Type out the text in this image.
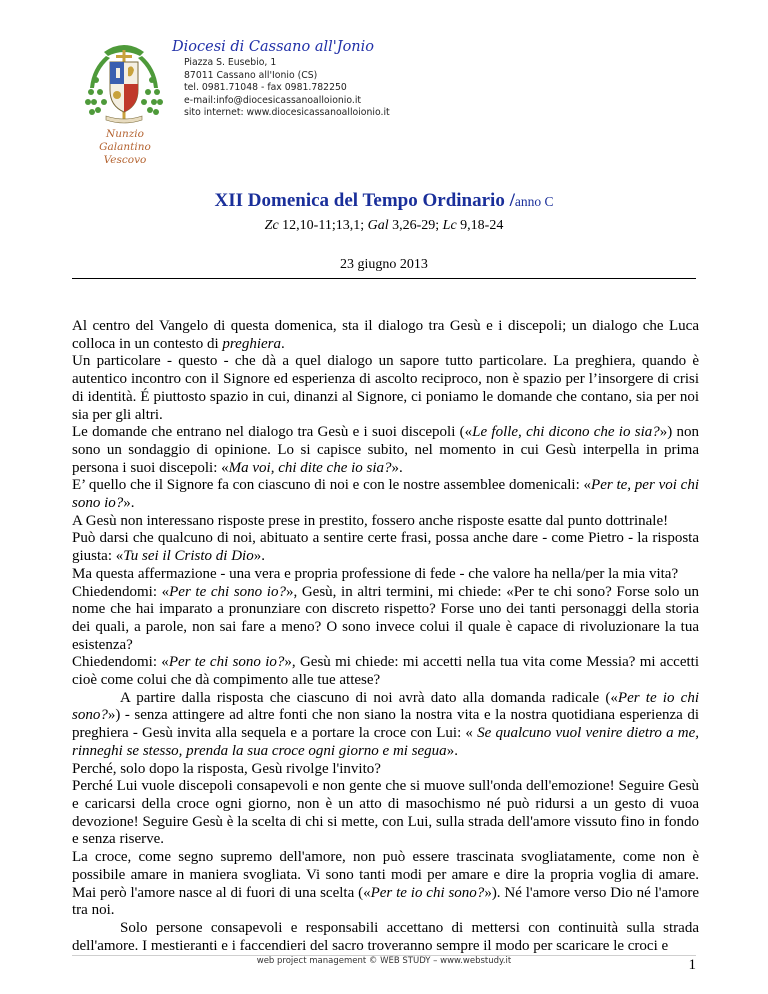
Diocesi di Cassano all'Jonio
Piazza S. Eusebio, 1
87011 Cassano all'Ionio (CS)
tel. 0981.71048 - fax 0981.782250
e-mail:info@diocesicassanoalloionio.it
sito internet: www.diocesicassanoalloionio.it
Nunzio Galantino
Vescovo
XII Domenica del Tempo Ordinario /anno C
Zc 12,10-11;13,1; Gal 3,26-29; Lc 9,18-24
23 giugno 2013

Al centro del Vangelo di questa domenica, sta il dialogo tra Gesù e i discepoli; un dialogo che Luca colloca in un contesto di preghiera.

Un particolare - questo - che dà a quel dialogo un sapore tutto particolare. La preghiera, quando è autentico incontro con il Signore ed esperienza di ascolto reciproco, non è spazio per l’insorgere di crisi di identità. É piuttosto spazio in cui, dinanzi al Signore, ci poniamo le domande che contano, sia per noi sia per gli altri.

Le domande che entrano nel dialogo tra Gesù e i suoi discepoli («Le folle, chi dicono che io sia?») non sono un sondaggio di opinione. Lo si capisce subito, nel momento in cui Gesù interpella in prima persona i suoi discepoli: «Ma voi, chi dite che io sia?».

E’ quello che il Signore fa con ciascuno di noi e con le nostre assemblee domenicali: «Per te, per voi chi sono io?».

A Gesù non interessano risposte prese in prestito, fossero anche risposte esatte dal punto dottrinale!

Può darsi che qualcuno di noi, abituato a sentire certe frasi, possa anche dare - come Pietro - la risposta giusta: «Tu sei il Cristo di Dio».

Ma questa affermazione - una vera e propria professione di fede - che valore ha nella/per la mia vita?

Chiedendomi: «Per te chi sono io?», Gesù, in altri termini, mi chiede: «Per te chi sono? Forse solo un nome che hai imparato a pronunziare con discreto rispetto? Forse uno dei tanti personaggi della storia dei quali, a parole, non sai fare a meno? O sono invece colui il quale è capace di rivoluzionare la tua esistenza?

Chiedendomi: «Per te chi sono io?», Gesù mi chiede: mi accetti nella tua vita come Messia? mi accetti cioè come colui che dà compimento alle tue attese?

A partire dalla risposta che ciascuno di noi avrà dato alla domanda radicale («Per te io chi sono?») - senza attingere ad altre fonti che non siano la nostra vita e la nostra quotidiana esperienza di preghiera - Gesù invita alla sequela e a portare la croce con Lui: « Se qualcuno vuol venire dietro a me, rinneghi se stesso, prenda la sua croce ogni giorno e mi segua».

Perché, solo dopo la risposta, Gesù rivolge l'invito?

Perché Lui vuole discepoli consapevoli e non gente che si muove sull'onda dell'emozione! Seguire Gesù e caricarsi della croce ogni giorno, non è un atto di masochismo né può ridursi a un gesto di vuoa devozione! Seguire Gesù è la scelta di chi si mette, con Lui, sulla strada dell'amore vissuto fino in fondo e senza riserve.

La croce, come segno supremo dell'amore, non può essere trascinata svogliatamente, come non è possibile amare in maniera svogliata. Vi sono tanti modi per amare e dire la propria voglia di amare. Mai però l'amore nasce al di fuori di una scelta («Per te io chi sono?»). Né l'amore verso Dio né l'amore tra noi.

Solo persone consapevoli e responsabili accettano di mettersi con continuità sulla strada dell'amore. I mestieranti e i faccendieri del sacro troveranno sempre il modo per scaricare le croci e

web project management © WEB STUDY – www.webstudy.it	1
